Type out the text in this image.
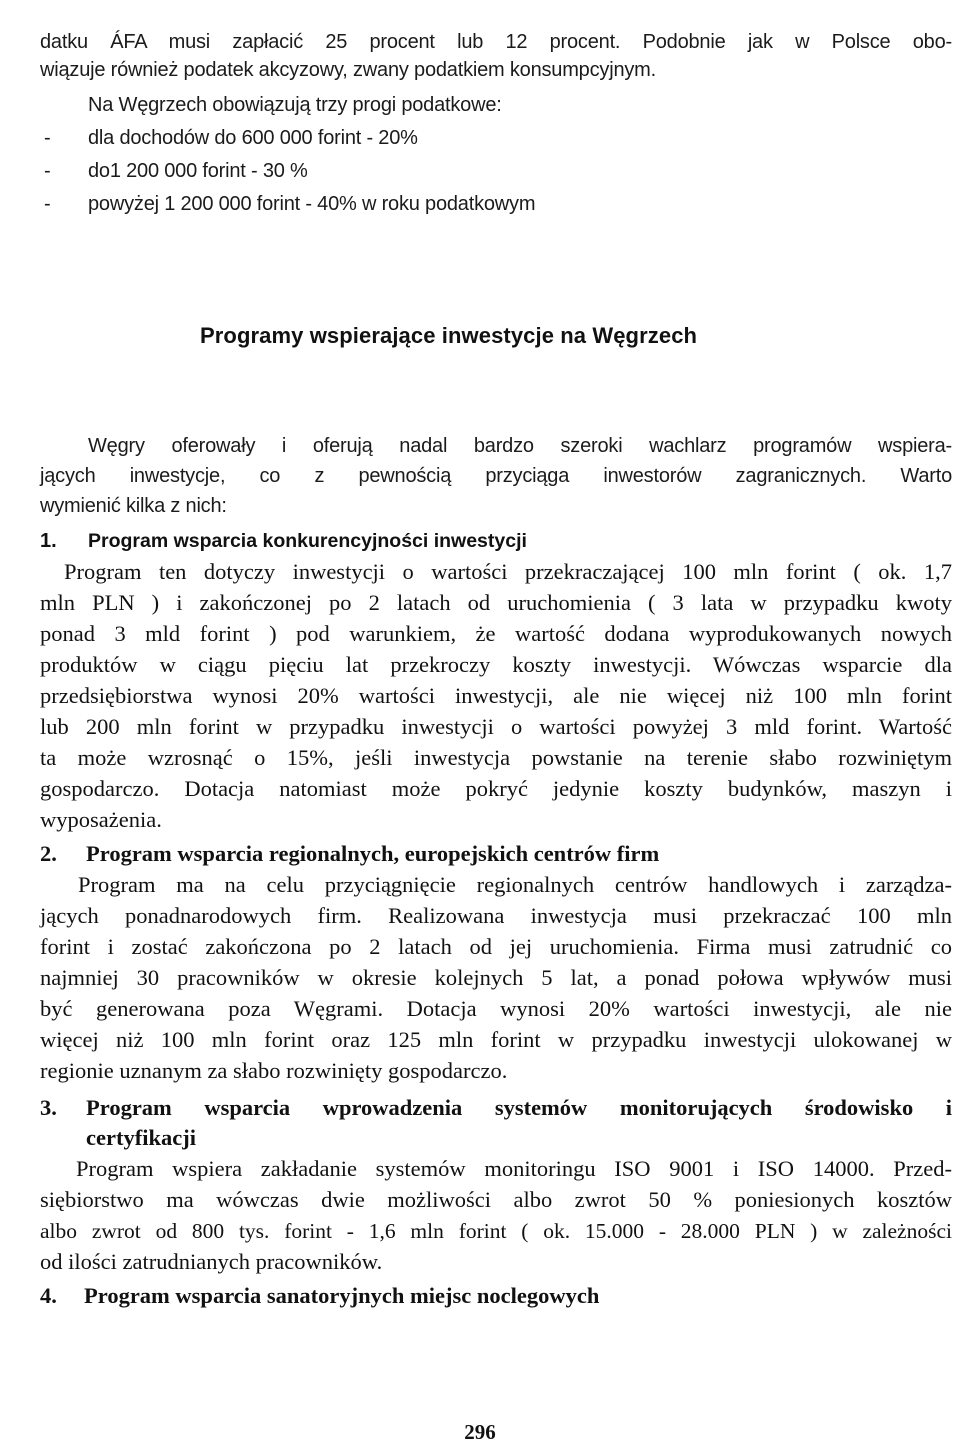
datku ÁFA musi zapłacić 25 procent lub 12 procent. Podobnie jak w Polsce obo-
wiązuje również podatek akcyzowy, zwany podatkiem konsumpcyjnym.
Na Węgrzech obowiązują trzy progi podatkowe:
- dla dochodów do 600 000 forint - 20%
- do1 200 000 forint - 30 %
- powyżej 1 200 000 forint - 40% w roku podatkowym
Programy wspierające inwestycje na Węgrzech
Węgry oferowały i oferują nadal bardzo szeroki wachlarz programów wspiera-
jących inwestycje, co z pewnością przyciąga inwestorów zagranicznych. Warto
wymienić kilka z nich:
1. Program wsparcia konkurencyjności inwestycji
Program ten dotyczy inwestycji o wartości przekraczającej 100 mln forint ( ok. 1,7
mln PLN ) i zakończonej po 2 latach od uruchomienia ( 3 lata w przypadku kwoty
ponad 3 mld forint ) pod warunkiem, że wartość dodana wyprodukowanych nowych
produktów w ciągu pięciu lat przekroczy koszty inwestycji. Wówczas wsparcie dla
przedsiębiorstwa wynosi 20% wartości inwestycji, ale nie więcej niż 100 mln forint
lub 200 mln forint w przypadku inwestycji o wartości powyżej 3 mld forint. Wartość
ta może wzrosnąć o 15%, jeśli inwestycja powstanie na terenie słabo rozwiniętym
gospodarczo. Dotacja natomiast może pokryć jedynie koszty budynków, maszyn i
wyposażenia.
2. Program wsparcia regionalnych, europejskich centrów firm
Program ma na celu przyciągnięcie regionalnych centrów handlowych i zarządza-
jących ponadnarodowych firm. Realizowana inwestycja musi przekraczać 100 mln
forint i zostać zakończona po 2 latach od jej uruchomienia. Firma musi zatrudnić co
najmniej 30 pracowników w okresie kolejnych 5 lat, a ponad połowa wpływów musi
być generowana poza Węgrami. Dotacja wynosi 20% wartości inwestycji, ale nie
więcej niż 100 mln forint oraz 125 mln forint w przypadku inwestycji ulokowanej w
regionie uznanym za słabo rozwinięty gospodarczo.
3. Program wsparcia wprowadzenia systemów monitorujących środowisko i
certyfikacji
Program wspiera zakładanie systemów monitoringu ISO 9001 i ISO 14000. Przed-
siębiorstwo ma wówczas dwie możliwości albo zwrot 50 % poniesionych kosztów
albo zwrot od 800 tys. forint - 1,6 mln forint ( ok. 15.000 - 28.000 PLN ) w zależności
od ilości zatrudnianych pracowników.
4. Program wsparcia sanatoryjnych miejsc noclegowych
296
